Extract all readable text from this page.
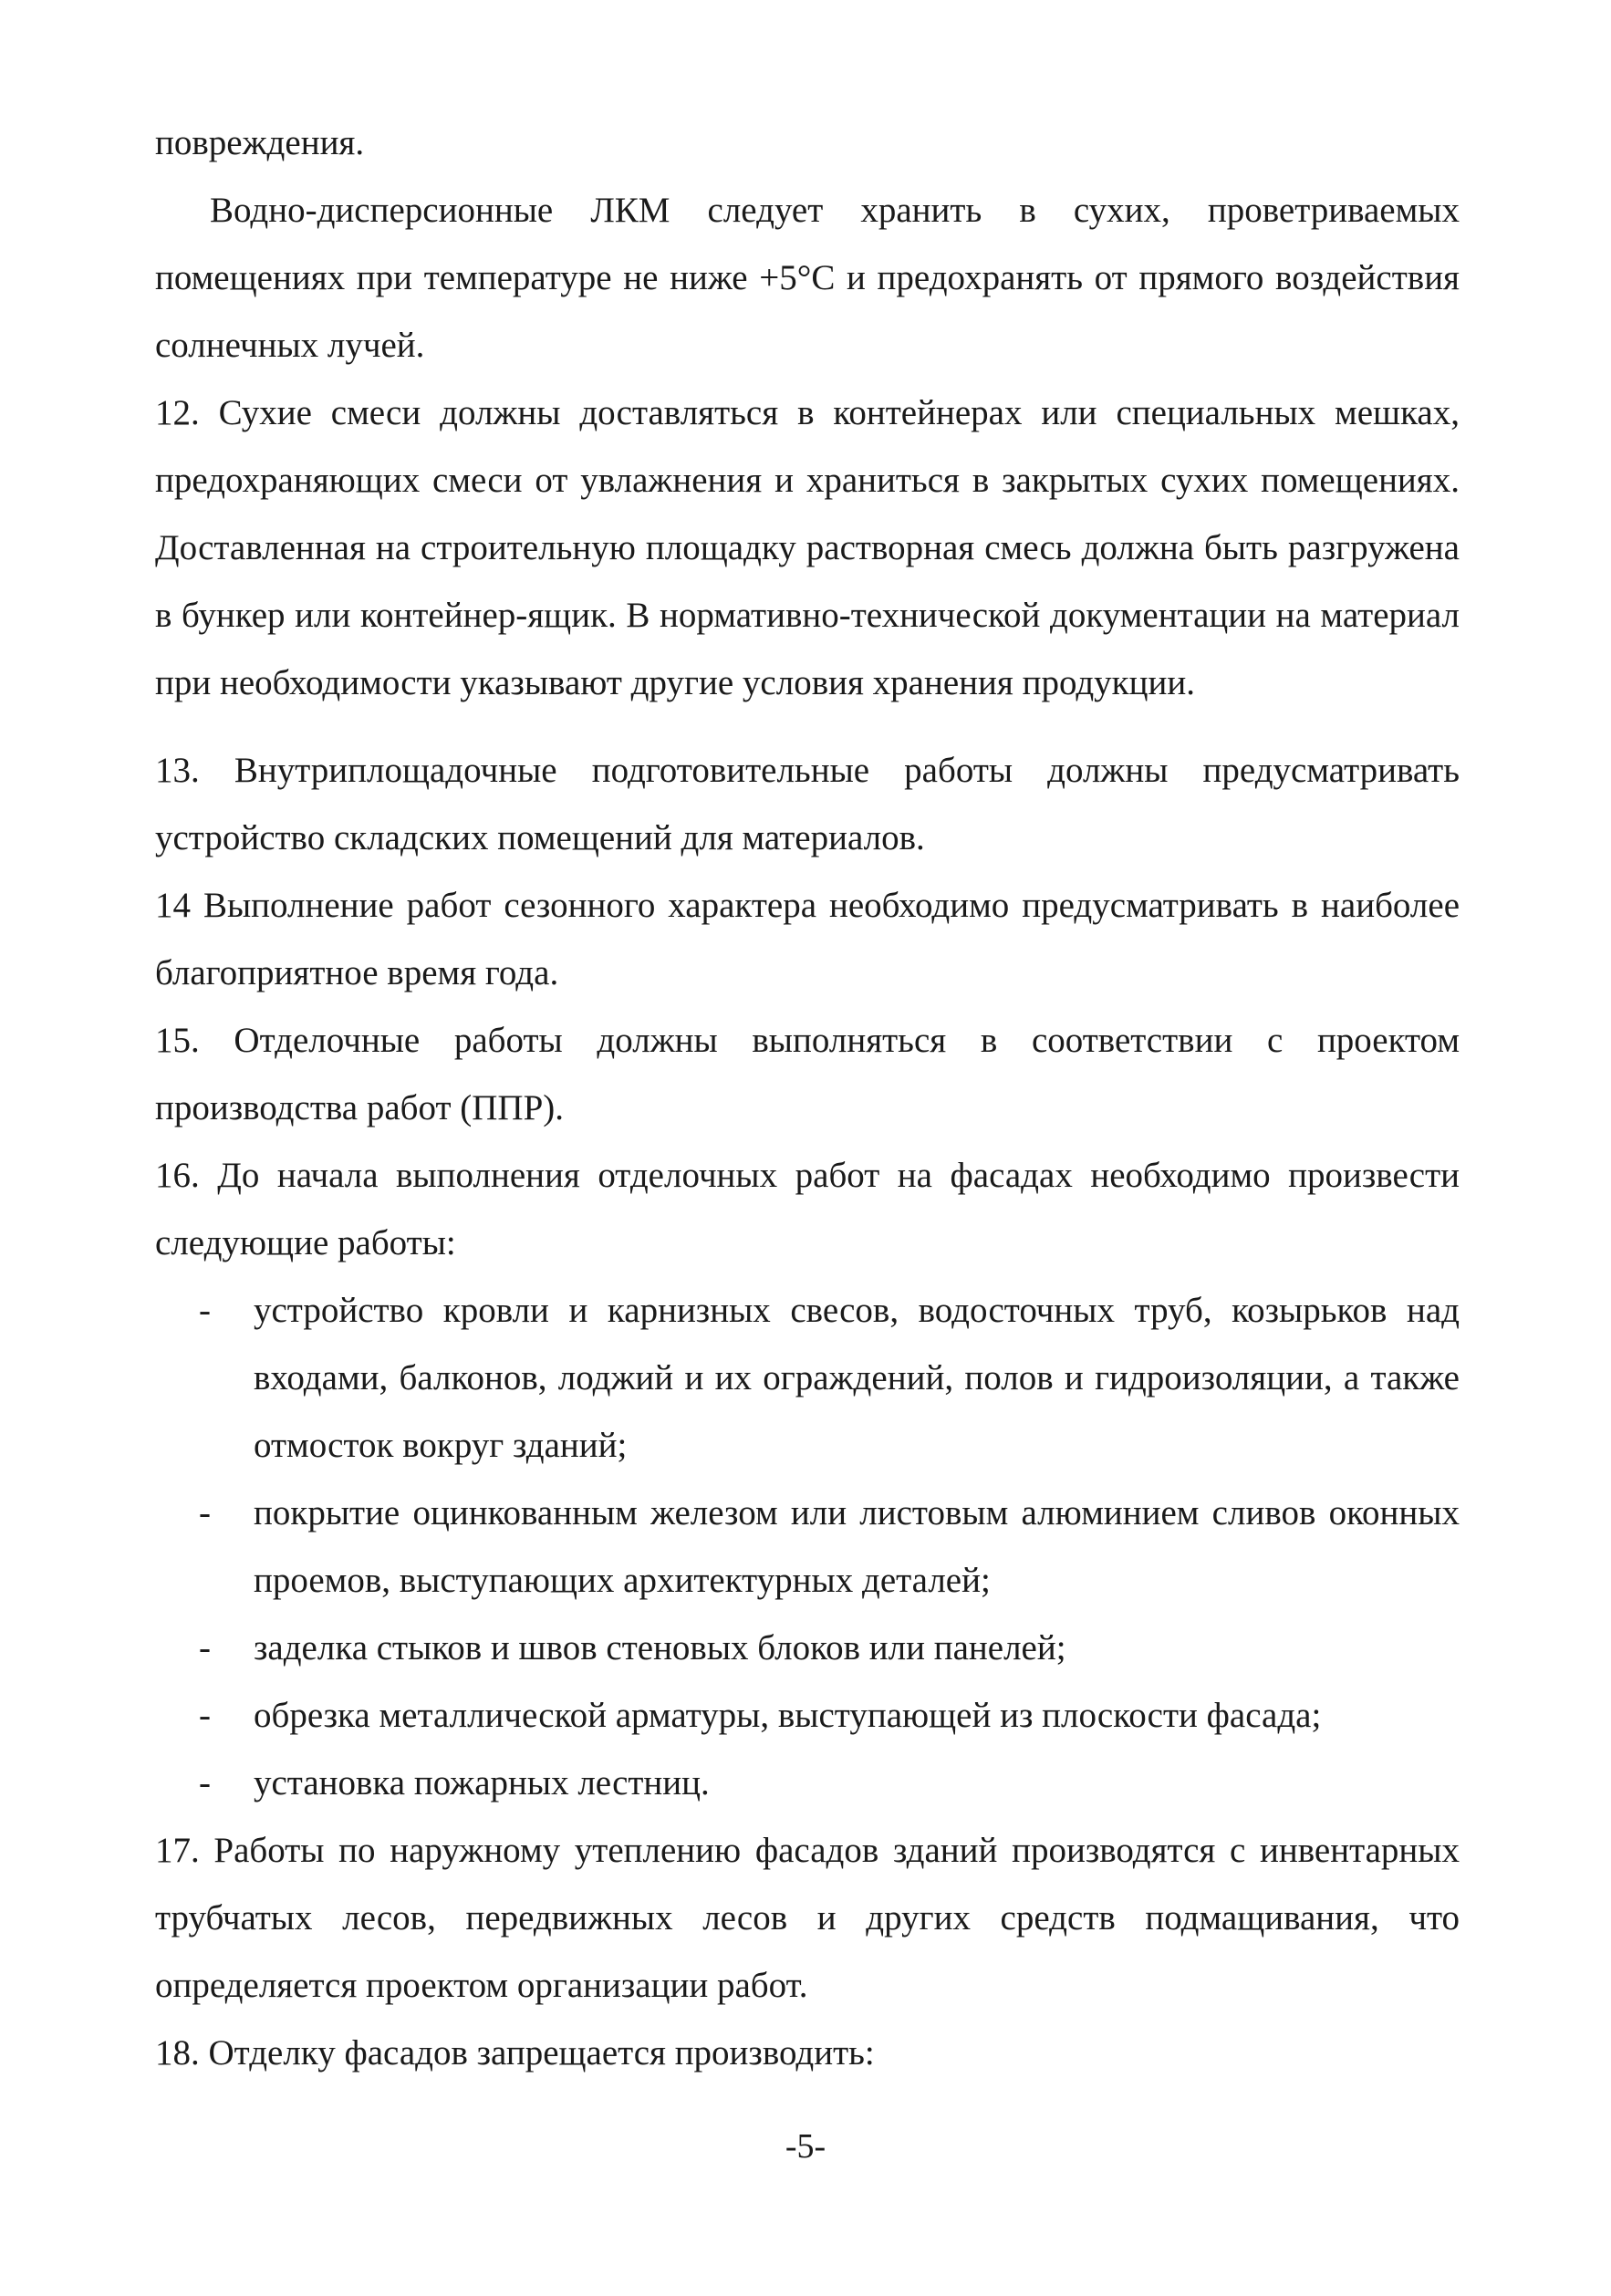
повреждения.

Водно-дисперсионные ЛКМ следует хранить в сухих, проветриваемых помещениях при температуре не ниже +5°С и предохранять от прямого воздействия солнечных лучей.

12. Сухие смеси должны доставляться в контейнерах или специальных мешках, предохраняющих смеси от увлажнения и храниться в закрытых сухих помещениях. Доставленная на строительную площадку растворная смесь должна быть разгружена в бункер или контейнер-ящик. В нормативно-технической документации на материал при необходимости указывают другие условия хранения продукции.

13. Внутриплощадочные подготовительные работы должны предусматривать устройство складских помещений для материалов.

14 Выполнение работ сезонного характера необходимо предусматривать в наиболее благоприятное время года.

15. Отделочные работы должны выполняться в соответствии с проектом производства работ (ППР).

16. До начала выполнения отделочных работ на фасадах необходимо произвести следующие работы:

- устройство кровли и карнизных свесов, водосточных труб, козырьков над входами, балконов, лоджий и их ограждений, полов и гидроизоляции, а также отмосток вокруг зданий;
- покрытие оцинкованным железом или листовым алюминием сливов оконных проемов, выступающих архитектурных деталей;
- заделка стыков и швов стеновых блоков или панелей;
- обрезка металлической арматуры, выступающей из плоскости фасада;
- установка пожарных лестниц.

17. Работы по наружному утеплению фасадов зданий производятся с инвентарных трубчатых лесов, передвижных лесов и других средств подмащивания, что определяется проектом организации работ.

18. Отделку фасадов запрещается производить:

-5-
